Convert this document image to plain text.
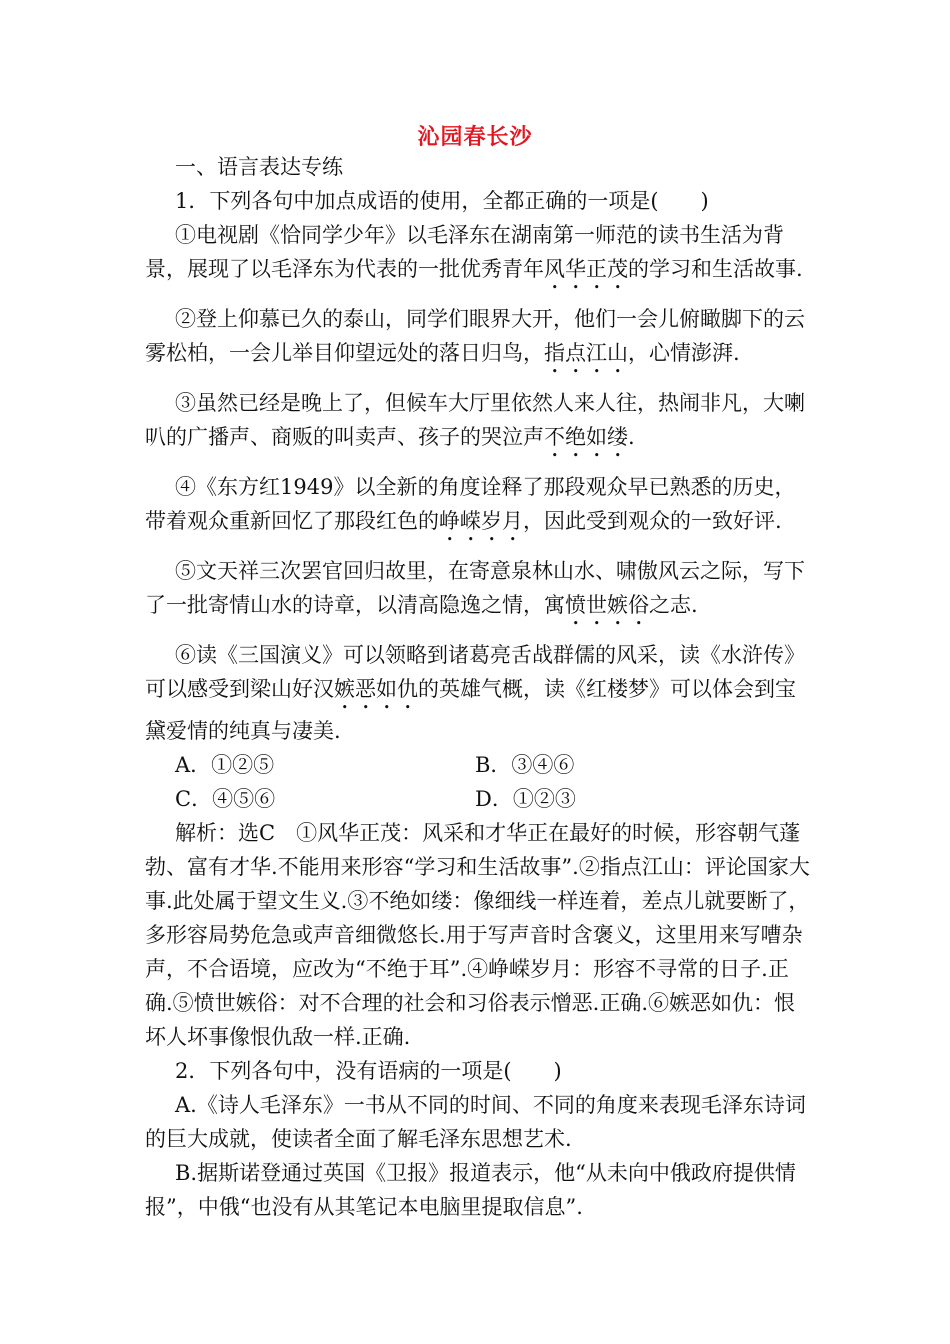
沁园春长沙

一、语言表达专练

1．下列各句中加点成语的使用，全都正确的一项是(　　)

①电视剧《恰同学少年》以毛泽东在湖南第一师范的读书生活为背景，展现了以毛泽东为代表的一批优秀青年风华正茂的学习和生活故事.

②登上仰慕已久的泰山，同学们眼界大开，他们一会儿俯瞰脚下的云雾松柏，一会儿举目仰望远处的落日归鸟，指点江山，心情澎湃.

③虽然已经是晚上了，但候车大厅里依然人来人往，热闹非凡，大喇叭的广播声、商贩的叫卖声、孩子的哭泣声不绝如缕.

④《东方红1949》以全新的角度诠释了那段观众早已熟悉的历史，带着观众重新回忆了那段红色的峥嵘岁月，因此受到观众的一致好评.

⑤文天祥三次罢官回归故里，在寄意泉林山水、啸傲风云之际，写下了一批寄情山水的诗章，以清高隐逸之情，寓愤世嫉俗之志.

⑥读《三国演义》可以领略到诸葛亮舌战群儒的风采，读《水浒传》可以感受到梁山好汉嫉恶如仇的英雄气概，读《红楼梦》可以体会到宝黛爱情的纯真与凄美.

A．①②⑤	B．③④⑥
C．④⑤⑥	D．①②③

解析：选C　①风华正茂：风采和才华正在最好的时候，形容朝气蓬勃、富有才华.不能用来形容“学习和生活故事”.②指点江山：评论国家大事.此处属于望文生义.③不绝如缕：像细线一样连着，差点儿就要断了，多形容局势危急或声音细微悠长.用于写声音时含褒义，这里用来写嘈杂声，不合语境，应改为“不绝于耳”.④峥嵘岁月：形容不寻常的日子.正确.⑤愤世嫉俗：对不合理的社会和习俗表示憎恶.正确.⑥嫉恶如仇：恨坏人坏事像恨仇敌一样.正确.

2．下列各句中，没有语病的一项是(　　)

A.《诗人毛泽东》一书从不同的时间、不同的角度来表现毛泽东诗词的巨大成就，使读者全面了解毛泽东思想艺术.

B.据斯诺登通过英国《卫报》报道表示，他“从未向中俄政府提供情报”，中俄“也没有从其笔记本电脑里提取信息”.
